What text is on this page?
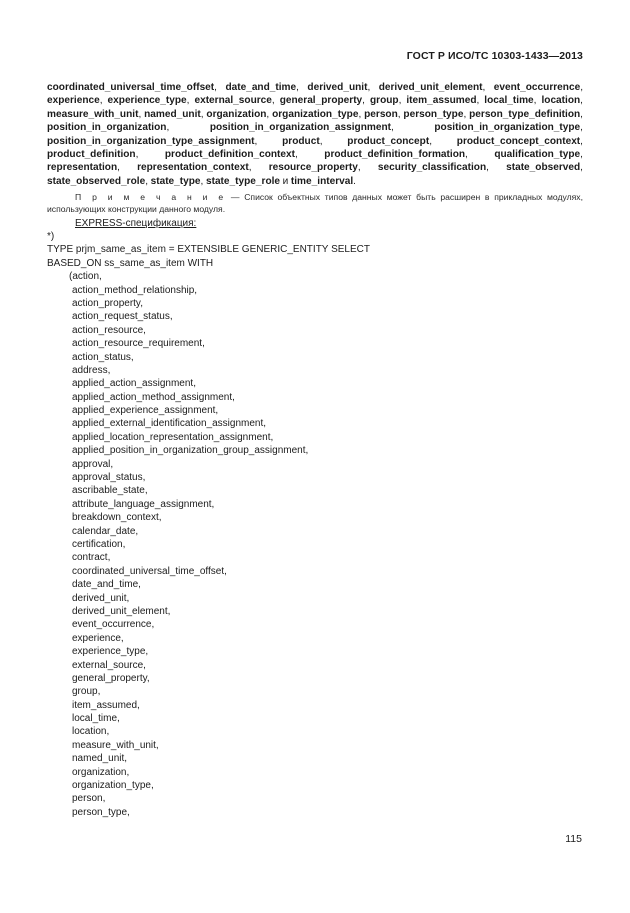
ГОСТ Р ИСО/ТС 10303-1433—2013
coordinated_universal_time_offset, date_and_time, derived_unit, derived_unit_element, event_occurrence, experience, experience_type, external_source, general_property, group, item_assumed, local_time, location, measure_with_unit, named_unit, organization, organization_type, person, person_type, person_type_definition, position_in_organization, position_in_organization_assignment, position_in_organization_type, position_in_organization_type_assignment, product, product_concept, product_concept_context, product_definition, product_definition_context, product_definition_formation, qualification_type, representation, representation_context, resource_property, security_classification, state_observed, state_observed_role, state_type, state_type_role и time_interval.
П р и м е ч а н и е — Список объектных типов данных может быть расширен в прикладных модулях, использующих конструкции данного модуля.
EXPRESS-спецификация:
*)
TYPE prjm_same_as_item = EXTENSIBLE GENERIC_ENTITY SELECT
BASED_ON ss_same_as_item WITH
(action,
action_method_relationship,
action_property,
action_request_status,
action_resource,
action_resource_requirement,
action_status,
address,
applied_action_assignment,
applied_action_method_assignment,
applied_experience_assignment,
applied_external_identification_assignment,
applied_location_representation_assignment,
applied_position_in_organization_group_assignment,
approval,
approval_status,
ascribable_state,
attribute_language_assignment,
breakdown_context,
calendar_date,
certification,
contract,
coordinated_universal_time_offset,
date_and_time,
derived_unit,
derived_unit_element,
event_occurrence,
experience,
experience_type,
external_source,
general_property,
group,
item_assumed,
local_time,
location,
measure_with_unit,
named_unit,
organization,
organization_type,
person,
person_type,
115
